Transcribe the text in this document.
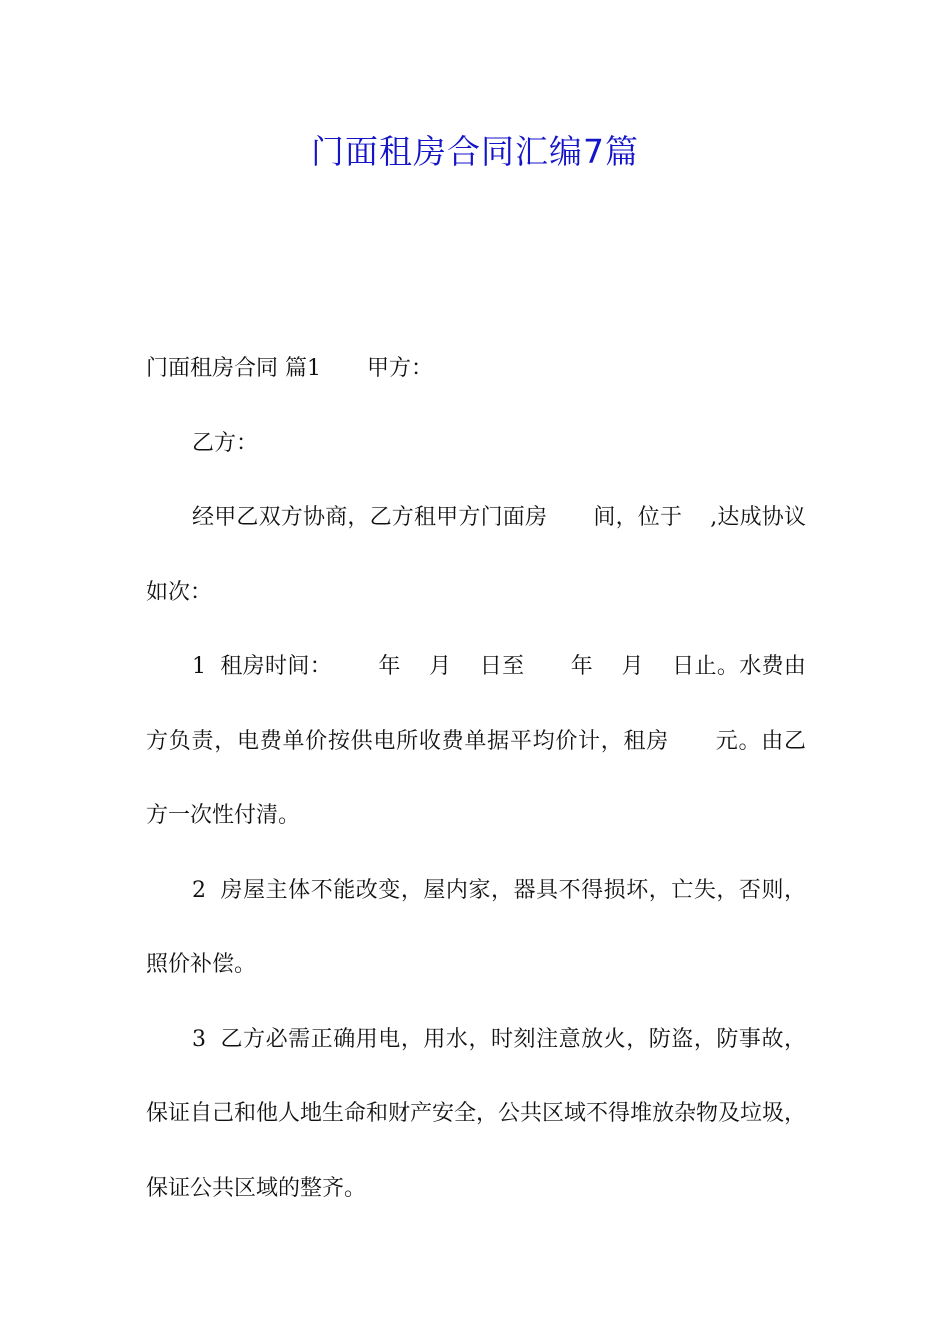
门面租房合同汇编7篇

门面租房合同 篇1 甲方：

乙方：

经甲乙双方协商，乙方租甲方门面房 间，位于 ,达成协议如次：

1 租房时间： 年 月 日至 年 月 日止。水费由方负责，电费单价按供电所收费单据平均价计，租房 元。由乙方一次性付清。

2 房屋主体不能改变，屋内家，器具不得损坏，亡失，否则，照价补偿。

3 乙方必需正确用电，用水，时刻注意放火，防盗，防事故，保证自己和他人地生命和财产安全，公共区域不得堆放杂物及垃圾，保证公共区域的整齐。
